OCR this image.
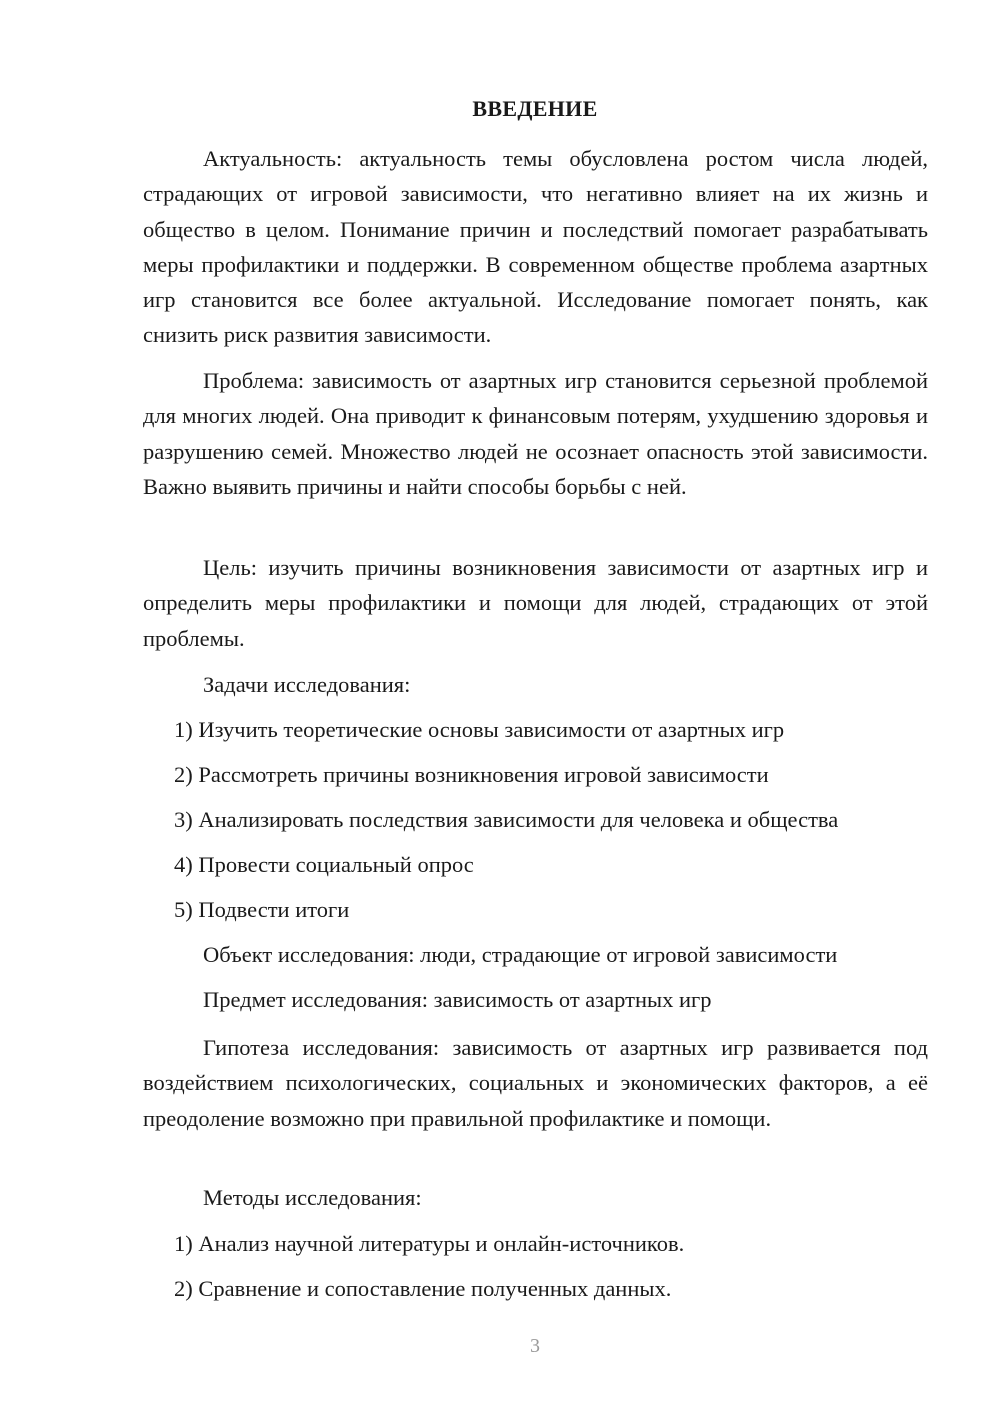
ВВЕДЕНИЕ

Актуальность: актуальность темы обусловлена ростом числа людей, страдающих от игровой зависимости, что негативно влияет на их жизнь и общество в целом. Понимание причин и последствий помогает разрабатывать меры профилактики и поддержки. В современном обществе проблема азартных игр становится все более актуальной. Исследование помогает понять, как снизить риск развития зависимости.

Проблема: зависимость от азартных игр становится серьезной проблемой для многих людей. Она приводит к финансовым потерям, ухудшению здоровья и разрушению семей. Множество людей не осознает опасность этой зависимости. Важно выявить причины и найти способы борьбы с ней.

Цель: изучить причины возникновения зависимости от азартных игр и определить меры профилактики и помощи для людей, страдающих от этой проблемы.

Задачи исследования:

1) Изучить теоретические основы зависимости от азартных игр

2) Рассмотреть причины возникновения игровой зависимости

3) Анализировать последствия зависимости для человека и общества

4) Провести социальный опрос

5) Подвести итоги

Объект исследования: люди, страдающие от игровой зависимости

Предмет исследования: зависимость от азартных игр

Гипотеза исследования: зависимость от азартных игр развивается под воздействием психологических, социальных и экономических факторов, а её преодоление возможно при правильной профилактике и помощи.

Методы исследования:

1) Анализ научной литературы и онлайн-источников.

2) Сравнение и сопоставление полученных данных.

3
